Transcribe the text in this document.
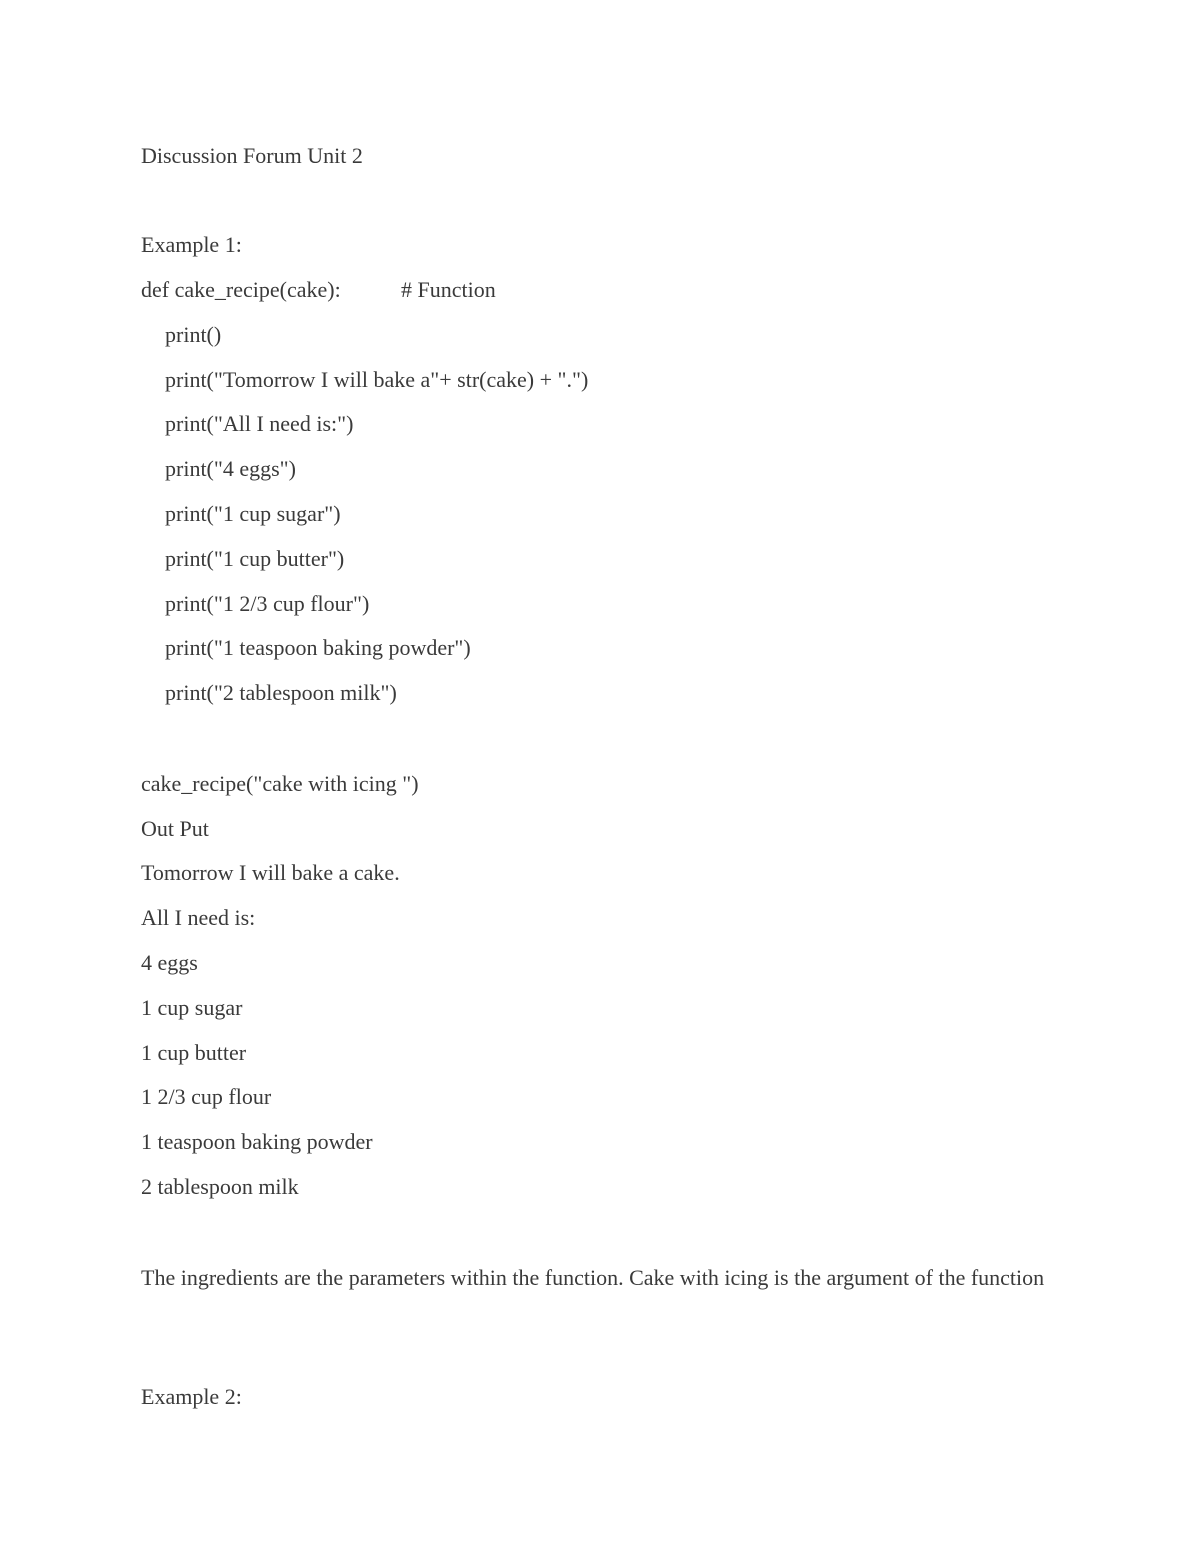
Discussion Forum Unit 2
Example 1:
def cake_recipe(cake):	# Function
print()
print("Tomorrow I will bake a"+ str(cake) + ".")
print("All I need is:")
print("4 eggs")
print("1 cup sugar")
print("1 cup butter")
print("1 2/3 cup flour")
print("1 teaspoon baking powder")
print("2 tablespoon milk")
cake_recipe("cake with icing ")
Out Put
Tomorrow I will bake a cake.
All I need is:
4 eggs
1 cup sugar
1 cup butter
1 2/3 cup flour
1 teaspoon baking powder
2 tablespoon milk
The ingredients are the parameters within the function. Cake with icing is the argument of the function
Example 2:
